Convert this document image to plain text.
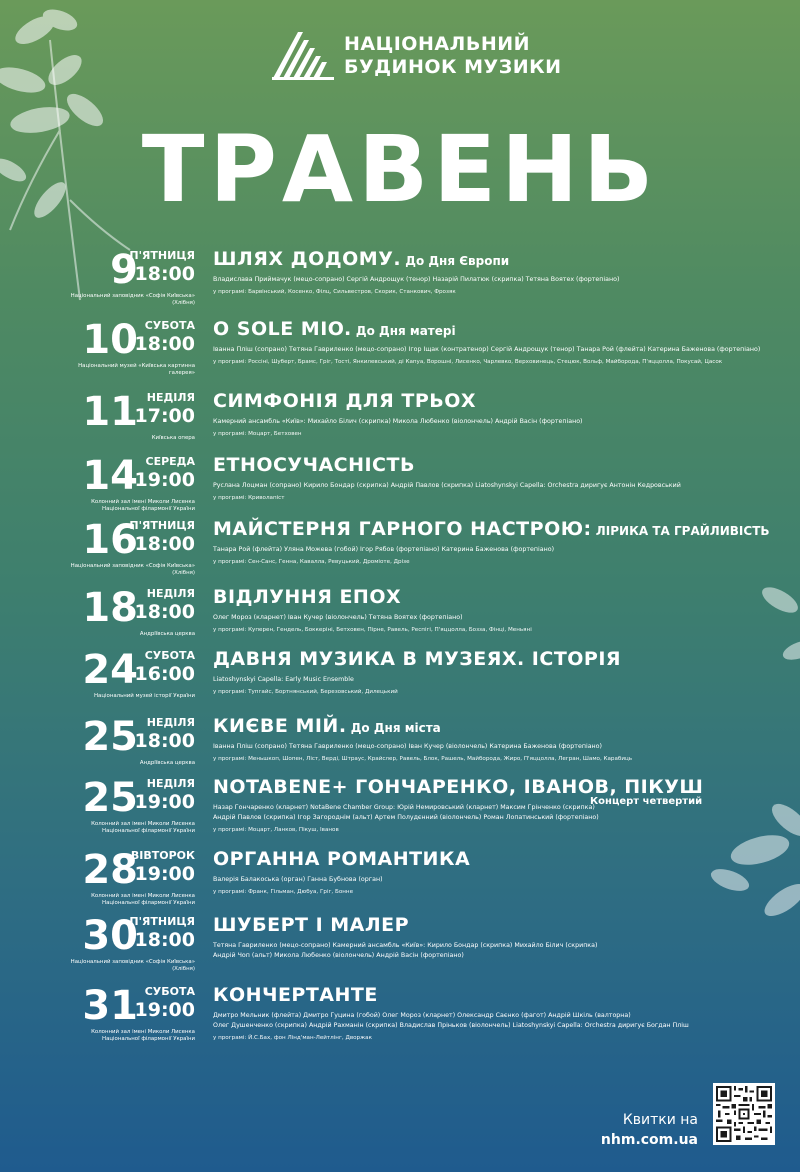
НАЦІОНАЛЬНИЙ
БУДИНОК МУЗИКИ
ТРАВЕНЬ
9
П'ЯТНИЦЯ
18:00
Національний заповідник «Софія Київська» (Хлібня)
ШЛЯХ ДОДОМУ. До Дня Європи
Владислава Приймачук (мецо-сопрано) Сергій Андрощук (тенор) Назарій Пилатюк (скрипка) Тетяна Воятех (фортепіано)
у програмі: Барвінський, Косенко, Філц, Сильвестров, Скорик, Станкович, Фрозяк
10 СУБОТА
18:00
Національний музей «Київська картинна галерея»
O SOLE MIO. До Дня матері
Іванна Пліш (сопрано) Тетяна Гавриленко (мецо-сопрано) Ігор Іщак (контратенор) Сергій Андрощук (тенор) Танара Рой (флейта) Катерина Баженова (фортепіано)
у програмі: Россіні, Шуберт, Брамс, Гріг, Тості, Янкилевський, ді Капуа, Ворошні, Лисенко, Чарлевко, Верховинець, Стецюк, Вольф, Майборода, П'яццолла, Покусай, Цасок
11 НЕДІЛЯ
17:00
Київська опера
СИМФОНІЯ ДЛЯ ТРЬОХ
Камерний ансамбль «Київ»: Михайло Білич (скрипка) Микола Любенко (віолончель) Андрій Васін (фортепіано)
у програмі: Моцарт, Бетховен
14 СЕРЕДА
19:00
Колонний зал імені Миколи Лисенка Національної філармонії України
ЕТНОСУЧАСНІСТЬ
Руслана Лоцман (сопрано) Кирило Бондар (скрипка) Андрій Павлов (скрипка) Liatoshynskyi Capella: Orchestra диригує Антонін Кедровський
у програмі: Криволапіст
16
П'ЯТНИЦЯ
18:00
Національний заповідник «Софія Київська» (Хлібня)
МАЙСТЕРНЯ ГАРНОГО НАСТРОЮ: ЛІРИКА ТА ГРАЙЛИВІСТЬ
Танара Рой (флейта) Уляна Можева (гобой) Ігор Рябов (фортепіано) Катерина Баженова (фортепіано)
у програмі: Сен-Санс, Генна, Кавалла, Ревуцький, Дроміоте, Дрізе
18 НЕДІЛЯ
18:00
Андріївська церква
ВІДЛУННЯ ЕПОХ
Олег Мороз (кларнет) Іван Кучер (віолончель) Тетяна Воятех (фортепіано)
у програмі: Куперен, Гендель, Боккеріні, Бетховен, Пірне, Равель, Респігі, П'яццолла, Бозза, Фінці, Меньяні
24 СУБОТА
16:00
Національний музей історії України
ДАВНЯ МУЗИКА В МУЗЕЯХ. ІСТОРІЯ
Liatoshynskyi Capella: Early Music Ensemble
у програмі: Тупгайс, Бортнянський, Березовський, Дилецький
25 НЕДІЛЯ
18:00
Андріївська церква
КИЄВЕ МІЙ. До Дня міста
Іванна Пліш (сопрано) Тетяна Гавриленко (мецо-сопрано) Іван Кучер (віолончель) Катерина Баженова (фортепіано)
у програмі: Меньшкоп, Шопен, Ліст, Верді, Штраус, Крайслер, Равель, Блок, Рашель, Майборода, Жиро, П'яццолла, Легран, Шамо, Карабиць
25 НЕДІЛЯ
19:00
Колонний зал імені Миколи Лисенка Національної філармонії України
NOTABENE+ ГОНЧАРЕНКО, ІВАНОВ, ПІКУШ
Назар Гончаренко (кларнет) NotaBene Chamber Group: Юрій Немировський (кларнет) Максим Грінченко (скрипка)
Андрій Павлов (скрипка) Ігор Загороднім (альт) Артем Полудєнний (віолончель) Роман Лопатинський (фортепіано)
у програмі: Моцарт, Ланков, Пікуш, Іванов
Концерт четвертий
28
ВІВТОРОК
19:00
Колонний зал імені Миколи Лисенка Національної філармонії України
ОРГАННА РОМАНТИКА
Валерія Балакоська (орган) Ганна Бубнова (орган)
у програмі: Франк, Гільман, Дюбуа, Гріг, Бонне
30
П'ЯТНИЦЯ
18:00
Національний заповідник «Софія Київська» (Хлібня)
ШУБЕРТ І МАЛЕР
Тетяна Гавриленко (мецо-сопрано) Камерний ансамбль «Київ»: Кирило Бондар (скрипка) Михайло Білич (скрипка)
Андрій Чоп (альт) Микола Любенко (віолончель) Андрій Васін (фортепіано)
31 СУБОТА
19:00
Колонний зал імені Миколи Лисенка Національної філармонії України
КОНЧЕРТАНТЕ
Дмитро Мельник (флейта) Дмитро Гуцина (гобой) Олег Мороз (кларнет) Олександр Саєнко (фагот) Андрій Шкіль (валторна)
Олег Душенченко (скрипка) Андрій Рахманін (скрипка) Владислав Пріньков (віолончель) Liatoshynskyi Capella: Orchestra диригує Богдан Пліш
у програмі: Й.С.Бах, фон Лінд'ман-Лейтлінг, Дворжак
Квитки на
nhm.com.ua
